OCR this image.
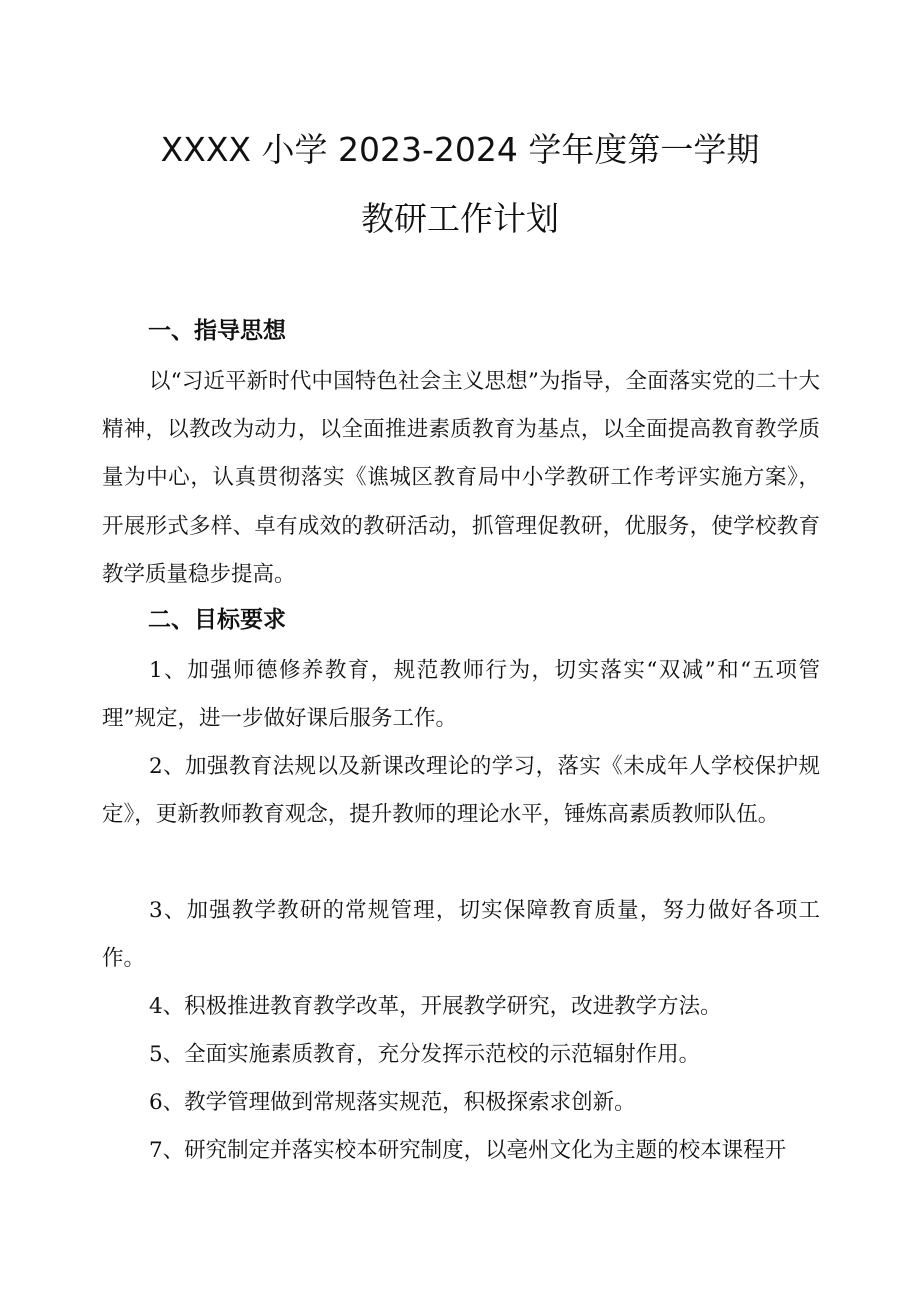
XXXX 小学 2023-2024 学年度第一学期
教研工作计划
一、指导思想

以“习近平新时代中国特色社会主义思想”为指导，全面落实党的二十大精神，以教改为动力，以全面推进素质教育为基点，以全面提高教育教学质量为中心，认真贯彻落实《谯城区教育局中小学教研工作考评实施方案》，开展形式多样、卓有成效的教研活动，抓管理促教研，优服务，使学校教育教学质量稳步提高。

二、目标要求

1、加强师德修养教育，规范教师行为，切实落实“双减”和“五项管理”规定，进一步做好课后服务工作。

2、加强教育法规以及新课改理论的学习，落实《未成年人学校保护规定》，更新教师教育观念，提升教师的理论水平，锤炼高素质教师队伍。

3、加强教学教研的常规管理，切实保障教育质量，努力做好各项工作。

4、积极推进教育教学改革，开展教学研究，改进教学方法。

5、全面实施素质教育，充分发挥示范校的示范辐射作用。

6、教学管理做到常规落实规范，积极探索求创新。

7、研究制定并落实校本研究制度，以亳州文化为主题的校本课程开
